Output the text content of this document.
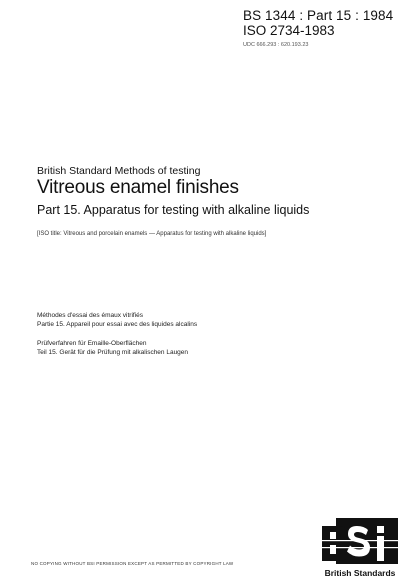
BS 1344 : Part 15 : 1984
ISO 2734-1983
UDC 666.293 : 620.193.23
British Standard Methods of testing
Vitreous enamel finishes
Part 15. Apparatus for testing with alkaline liquids
[ISO title: Vitreous and porcelain enamels — Apparatus for testing with alkaline liquids]
Méthodes d'essai des émaux vitrifiés
Partie 15. Appareil pour essai avec des liquides alcalins
Prüfverfahren für Emaille-Oberflächen
Teil 15. Gerät für die Prüfung mit alkalischen Laugen
NO COPYING WITHOUT BSI PERMISSION EXCEPT AS PERMITTED BY COPYRIGHT LAW
British Standards
